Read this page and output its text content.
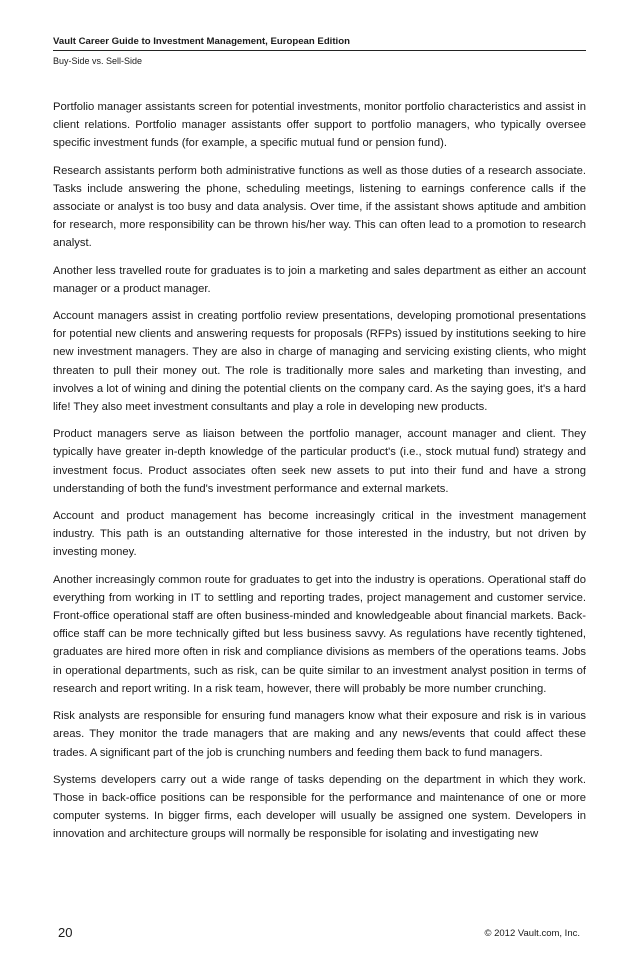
Vault Career Guide to Investment Management, European Edition
Buy-Side vs. Sell-Side

Portfolio manager assistants screen for potential investments, monitor portfolio characteristics and assist in client relations. Portfolio manager assistants offer support to portfolio managers, who typically oversee specific investment funds (for example, a specific mutual fund or pension fund).

Research assistants perform both administrative functions as well as those duties of a research associate. Tasks include answering the phone, scheduling meetings, listening to earnings conference calls if the associate or analyst is too busy and data analysis. Over time, if the assistant shows aptitude and ambition for research, more responsibility can be thrown his/her way. This can often lead to a promotion to research analyst.

Another less travelled route for graduates is to join a marketing and sales department as either an account manager or a product manager.

Account managers assist in creating portfolio review presentations, developing promotional presentations for potential new clients and answering requests for proposals (RFPs) issued by institutions seeking to hire new investment managers. They are also in charge of managing and servicing existing clients, who might threaten to pull their money out. The role is traditionally more sales and marketing than investing, and involves a lot of wining and dining the potential clients on the company card. As the saying goes, it's a hard life! They also meet investment consultants and play a role in developing new products.

Product managers serve as liaison between the portfolio manager, account manager and client. They typically have greater in-depth knowledge of the particular product's (i.e., stock mutual fund) strategy and investment focus. Product associates often seek new assets to put into their fund and have a strong understanding of both the fund's investment performance and external markets.

Account and product management has become increasingly critical in the investment management industry. This path is an outstanding alternative for those interested in the industry, but not driven by investing money.

Another increasingly common route for graduates to get into the industry is operations. Operational staff do everything from working in IT to settling and reporting trades, project management and customer service. Front-office operational staff are often business-minded and knowledgeable about financial markets. Back-office staff can be more technically gifted but less business savvy. As regulations have recently tightened, graduates are hired more often in risk and compliance divisions as members of the operations teams. Jobs in operational departments, such as risk, can be quite similar to an investment analyst position in terms of research and report writing. In a risk team, however, there will probably be more number crunching.

Risk analysts are responsible for ensuring fund managers know what their exposure and risk is in various areas. They monitor the trade managers that are making and any news/events that could affect these trades. A significant part of the job is crunching numbers and feeding them back to fund managers.

Systems developers carry out a wide range of tasks depending on the department in which they work. Those in back-office positions can be responsible for the performance and maintenance of one or more computer systems. In bigger firms, each developer will usually be assigned one system. Developers in innovation and architecture groups will normally be responsible for isolating and investigating new

20	© 2012 Vault.com, Inc.
